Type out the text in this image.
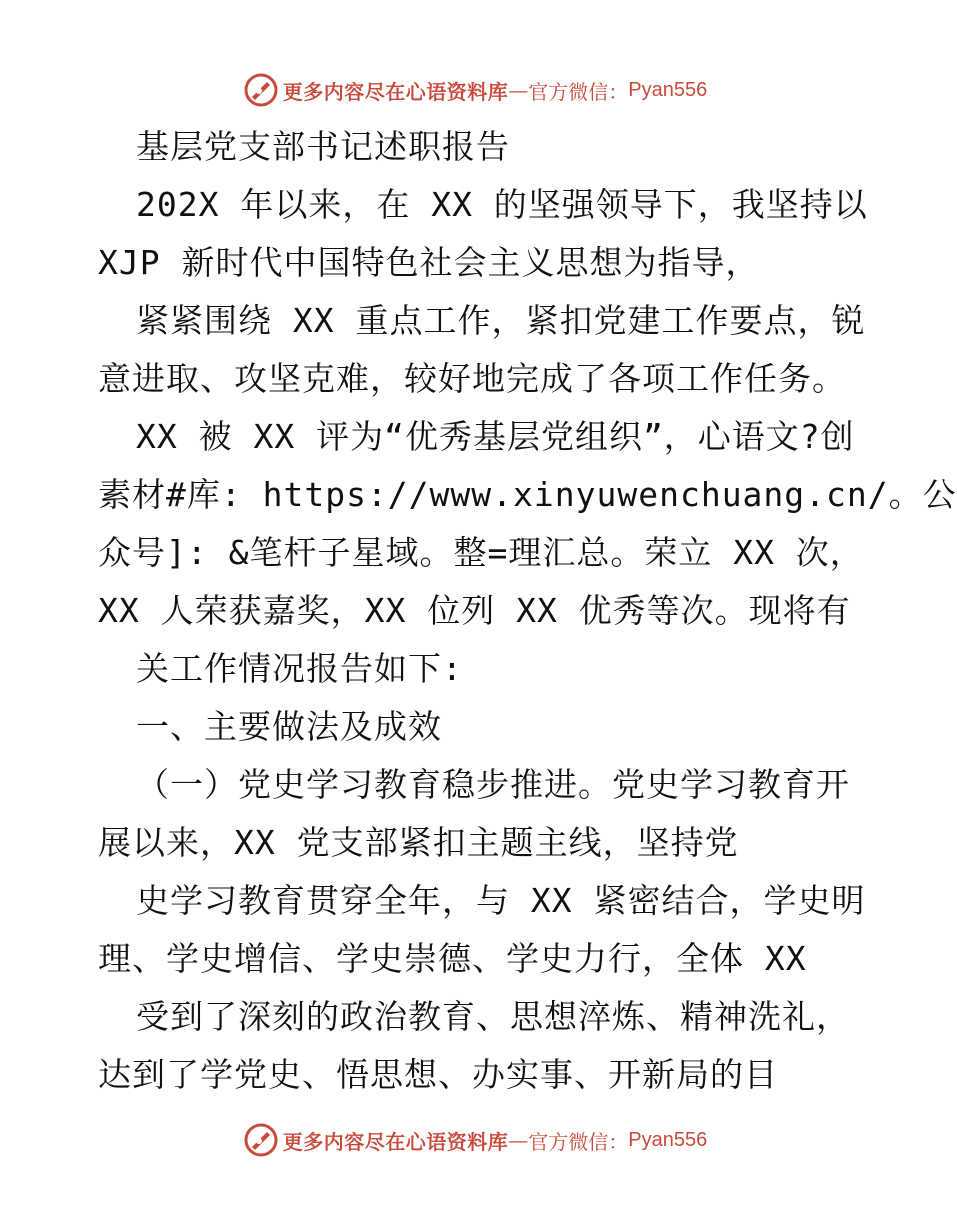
更多内容尽在心语资料库 — 官方微信： Pyan556
基层党支部书记述职报告
202X 年以来，在 XX 的坚强领导下，我坚持以
XJP 新时代中国特色社会主义思想为指导，
紧紧围绕 XX 重点工作，紧扣党建工作要点，锐
意进取、攻坚克难，较好地完成了各项工作任务。
XX 被 XX 评为“优秀基层党组织”，心语文?创
素材#库: https://www.xinyuwenchuang.cn/。公
众号]: &笔杆子星域。整=理汇总。荣立 XX 次，
XX 人荣获嘉奖，XX 位列 XX 优秀等次。现将有
关工作情况报告如下:
一、主要做法及成效
（一）党史学习教育稳步推进。党史学习教育开
展以来，XX 党支部紧扣主题主线，坚持党
史学习教育贯穿全年，与 XX 紧密结合，学史明
理、学史增信、学史崇德、学史力行，全体 XX
受到了深刻的政治教育、思想淬炼、精神洗礼，
达到了学党史、悟思想、办实事、开新局的目
更多内容尽在心语资料库 — 官方微信： Pyan556
